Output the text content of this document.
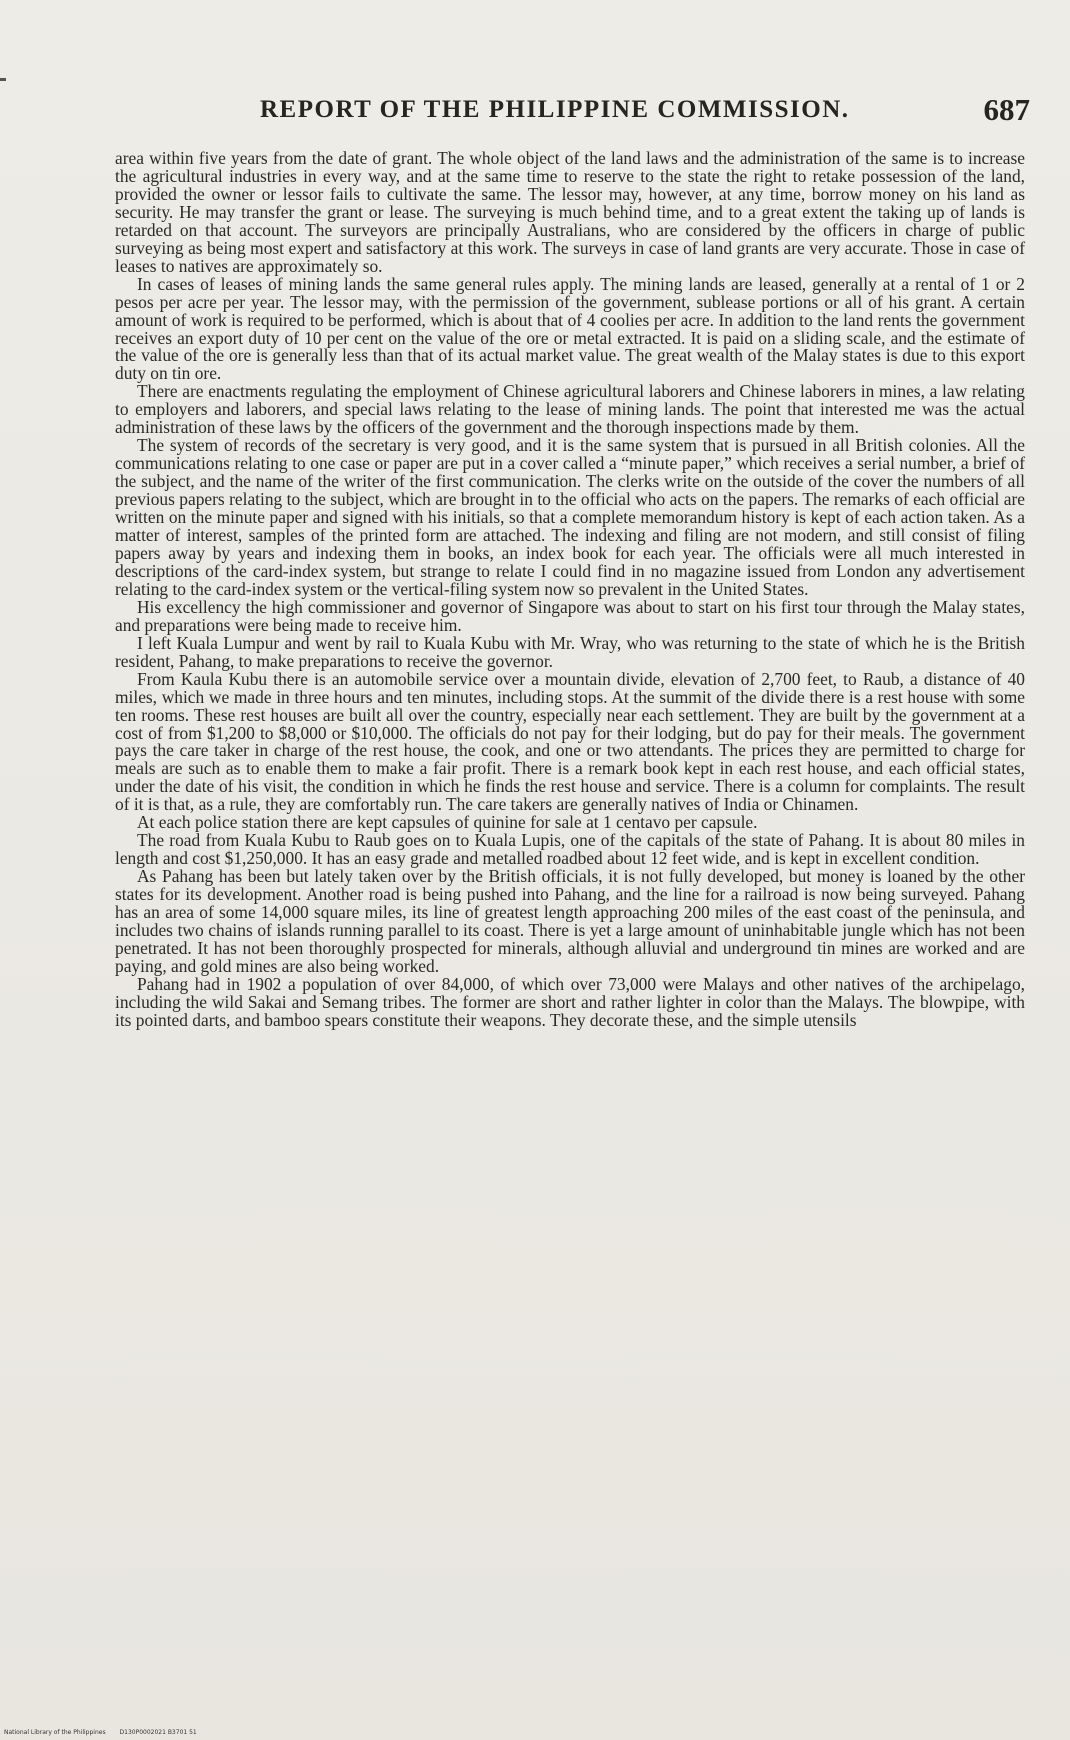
REPORT OF THE PHILIPPINE COMMISSION.	687

area within five years from the date of grant. The whole object of the land laws and the administration of the same is to increase the agricultural industries in every way, and at the same time to reserve to the state the right to retake possession of the land, provided the owner or lessor fails to cultivate the same. The lessor may, however, at any time, borrow money on his land as security. He may transfer the grant or lease. The surveying is much behind time, and to a great extent the taking up of lands is retarded on that account. The surveyors are principally Australians, who are considered by the officers in charge of public surveying as being most expert and satisfactory at this work. The surveys in case of land grants are very accurate. Those in case of leases to natives are approximately so.

In cases of leases of mining lands the same general rules apply. The mining lands are leased, generally at a rental of 1 or 2 pesos per acre per year. The lessor may, with the permission of the government, sublease portions or all of his grant. A certain amount of work is required to be performed, which is about that of 4 coolies per acre. In addition to the land rents the government receives an export duty of 10 per cent on the value of the ore or metal extracted. It is paid on a sliding scale, and the estimate of the value of the ore is generally less than that of its actual market value. The great wealth of the Malay states is due to this export duty on tin ore.

There are enactments regulating the employment of Chinese agricultural laborers and Chinese laborers in mines, a law relating to employers and laborers, and special laws relating to the lease of mining lands. The point that interested me was the actual administration of these laws by the officers of the government and the thorough inspections made by them.

The system of records of the secretary is very good, and it is the same system that is pursued in all British colonies. All the communications relating to one case or paper are put in a cover called a “minute paper,” which receives a serial number, a brief of the subject, and the name of the writer of the first communication. The clerks write on the outside of the cover the numbers of all previous papers relating to the subject, which are brought in to the official who acts on the papers. The remarks of each official are written on the minute paper and signed with his initials, so that a complete memorandum history is kept of each action taken. As a matter of interest, samples of the printed form are attached. The indexing and filing are not modern, and still consist of filing papers away by years and indexing them in books, an index book for each year. The officials were all much interested in descriptions of the card-index system, but strange to relate I could find in no magazine issued from London any advertisement relating to the card-index system or the vertical-filing system now so prevalent in the United States.

His excellency the high commissioner and governor of Singapore was about to start on his first tour through the Malay states, and preparations were being made to receive him.

I left Kuala Lumpur and went by rail to Kuala Kubu with Mr. Wray, who was returning to the state of which he is the British resident, Pahang, to make preparations to receive the governor.

From Kaula Kubu there is an automobile service over a mountain divide, elevation of 2,700 feet, to Raub, a distance of 40 miles, which we made in three hours and ten minutes, including stops. At the summit of the divide there is a rest house with some ten rooms. These rest houses are built all over the country, especially near each settlement. They are built by the government at a cost of from $1,200 to $8,000 or $10,000. The officials do not pay for their lodging, but do pay for their meals. The government pays the care taker in charge of the rest house, the cook, and one or two attendants. The prices they are permitted to charge for meals are such as to enable them to make a fair profit. There is a remark book kept in each rest house, and each official states, under the date of his visit, the condition in which he finds the rest house and service. There is a column for complaints. The result of it is that, as a rule, they are comfortably run. The care takers are generally natives of India or Chinamen.

At each police station there are kept capsules of quinine for sale at 1 centavo per capsule.

The road from Kuala Kubu to Raub goes on to Kuala Lupis, one of the capitals of the state of Pahang. It is about 80 miles in length and cost $1,250,000. It has an easy grade and metalled roadbed about 12 feet wide, and is kept in excellent condition.

As Pahang has been but lately taken over by the British officials, it is not fully developed, but money is loaned by the other states for its development. Another road is being pushed into Pahang, and the line for a railroad is now being surveyed. Pahang has an area of some 14,000 square miles, its line of greatest length approaching 200 miles of the east coast of the peninsula, and includes two chains of islands running parallel to its coast. There is yet a large amount of uninhabitable jungle which has not been penetrated. It has not been thoroughly prospected for minerals, although alluvial and underground tin mines are worked and are paying, and gold mines are also being worked.

Pahang had in 1902 a population of over 84,000, of which over 73,000 were Malays and other natives of the archipelago, including the wild Sakai and Semang tribes. The former are short and rather lighter in color than the Malays. The blowpipe, with its pointed darts, and bamboo spears constitute their weapons. They decorate these, and the simple utensils

National Library of the Philippines D130P0002021 B3701 51
